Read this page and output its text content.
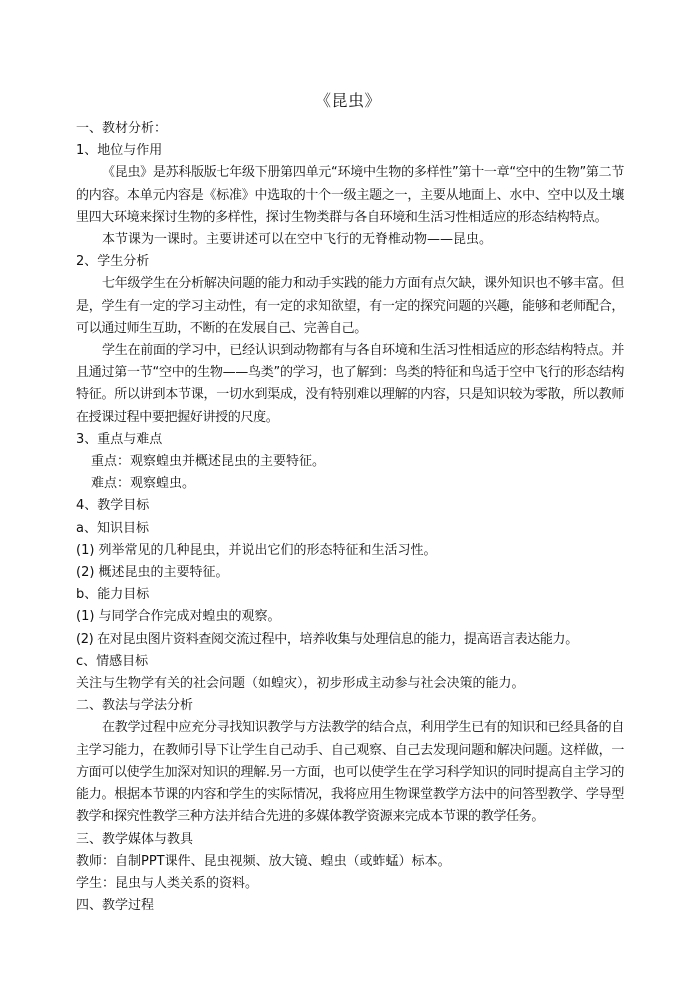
《昆虫》

一、教材分析：

1、地位与作用

《昆虫》是苏科版版七年级下册第四单元“环境中生物的多样性”第十一章“空中的生物”第二节的内容。本单元内容是《标准》中选取的十个一级主题之一，主要从地面上、水中、空中以及土壤里四大环境来探讨生物的多样性，探讨生物类群与各自环境和生活习性相适应的形态结构特点。

本节课为一课时。主要讲述可以在空中飞行的无脊椎动物——昆虫。

2、学生分析

七年级学生在分析解决问题的能力和动手实践的能力方面有点欠缺，课外知识也不够丰富。但是，学生有一定的学习主动性，有一定的求知欲望，有一定的探究问题的兴趣，能够和老师配合，可以通过师生互助，不断的在发展自己、完善自己。

学生在前面的学习中，已经认识到动物都有与各自环境和生活习性相适应的形态结构特点。并且通过第一节“空中的生物——鸟类”的学习，也了解到：鸟类的特征和鸟适于空中飞行的形态结构特征。所以讲到本节课，一切水到渠成，没有特别难以理解的内容，只是知识较为零散，所以教师在授课过程中要把握好讲授的尺度。

3、重点与难点

重点：观察蝗虫并概述昆虫的主要特征。

难点：观察蝗虫。

4、教学目标

a、知识目标

(1) 列举常见的几种昆虫，并说出它们的形态特征和生活习性。

(2) 概述昆虫的主要特征。

b、能力目标

(1) 与同学合作完成对蝗虫的观察。

(2) 在对昆虫图片资料查阅交流过程中，培养收集与处理信息的能力，提高语言表达能力。

c、情感目标

关注与生物学有关的社会问题（如蝗灾），初步形成主动参与社会决策的能力。

二、教法与学法分析

在教学过程中应充分寻找知识教学与方法教学的结合点，利用学生已有的知识和已经具备的自主学习能力，在教师引导下让学生自己动手、自己观察、自己去发现问题和解决问题。这样做，一方面可以使学生加深对知识的理解.另一方面，也可以使学生在学习科学知识的同时提高自主学习的能力。根据本节课的内容和学生的实际情况，我将应用生物课堂教学方法中的问答型教学、学导型教学和探究性教学三种方法并结合先进的多媒体教学资源来完成本节课的教学任务。

三、教学媒体与教具

教师：自制PPT课件、昆虫视频、放大镜、蝗虫（或蚱蜢）标本。

学生：昆虫与人类关系的资料。

四、教学过程
